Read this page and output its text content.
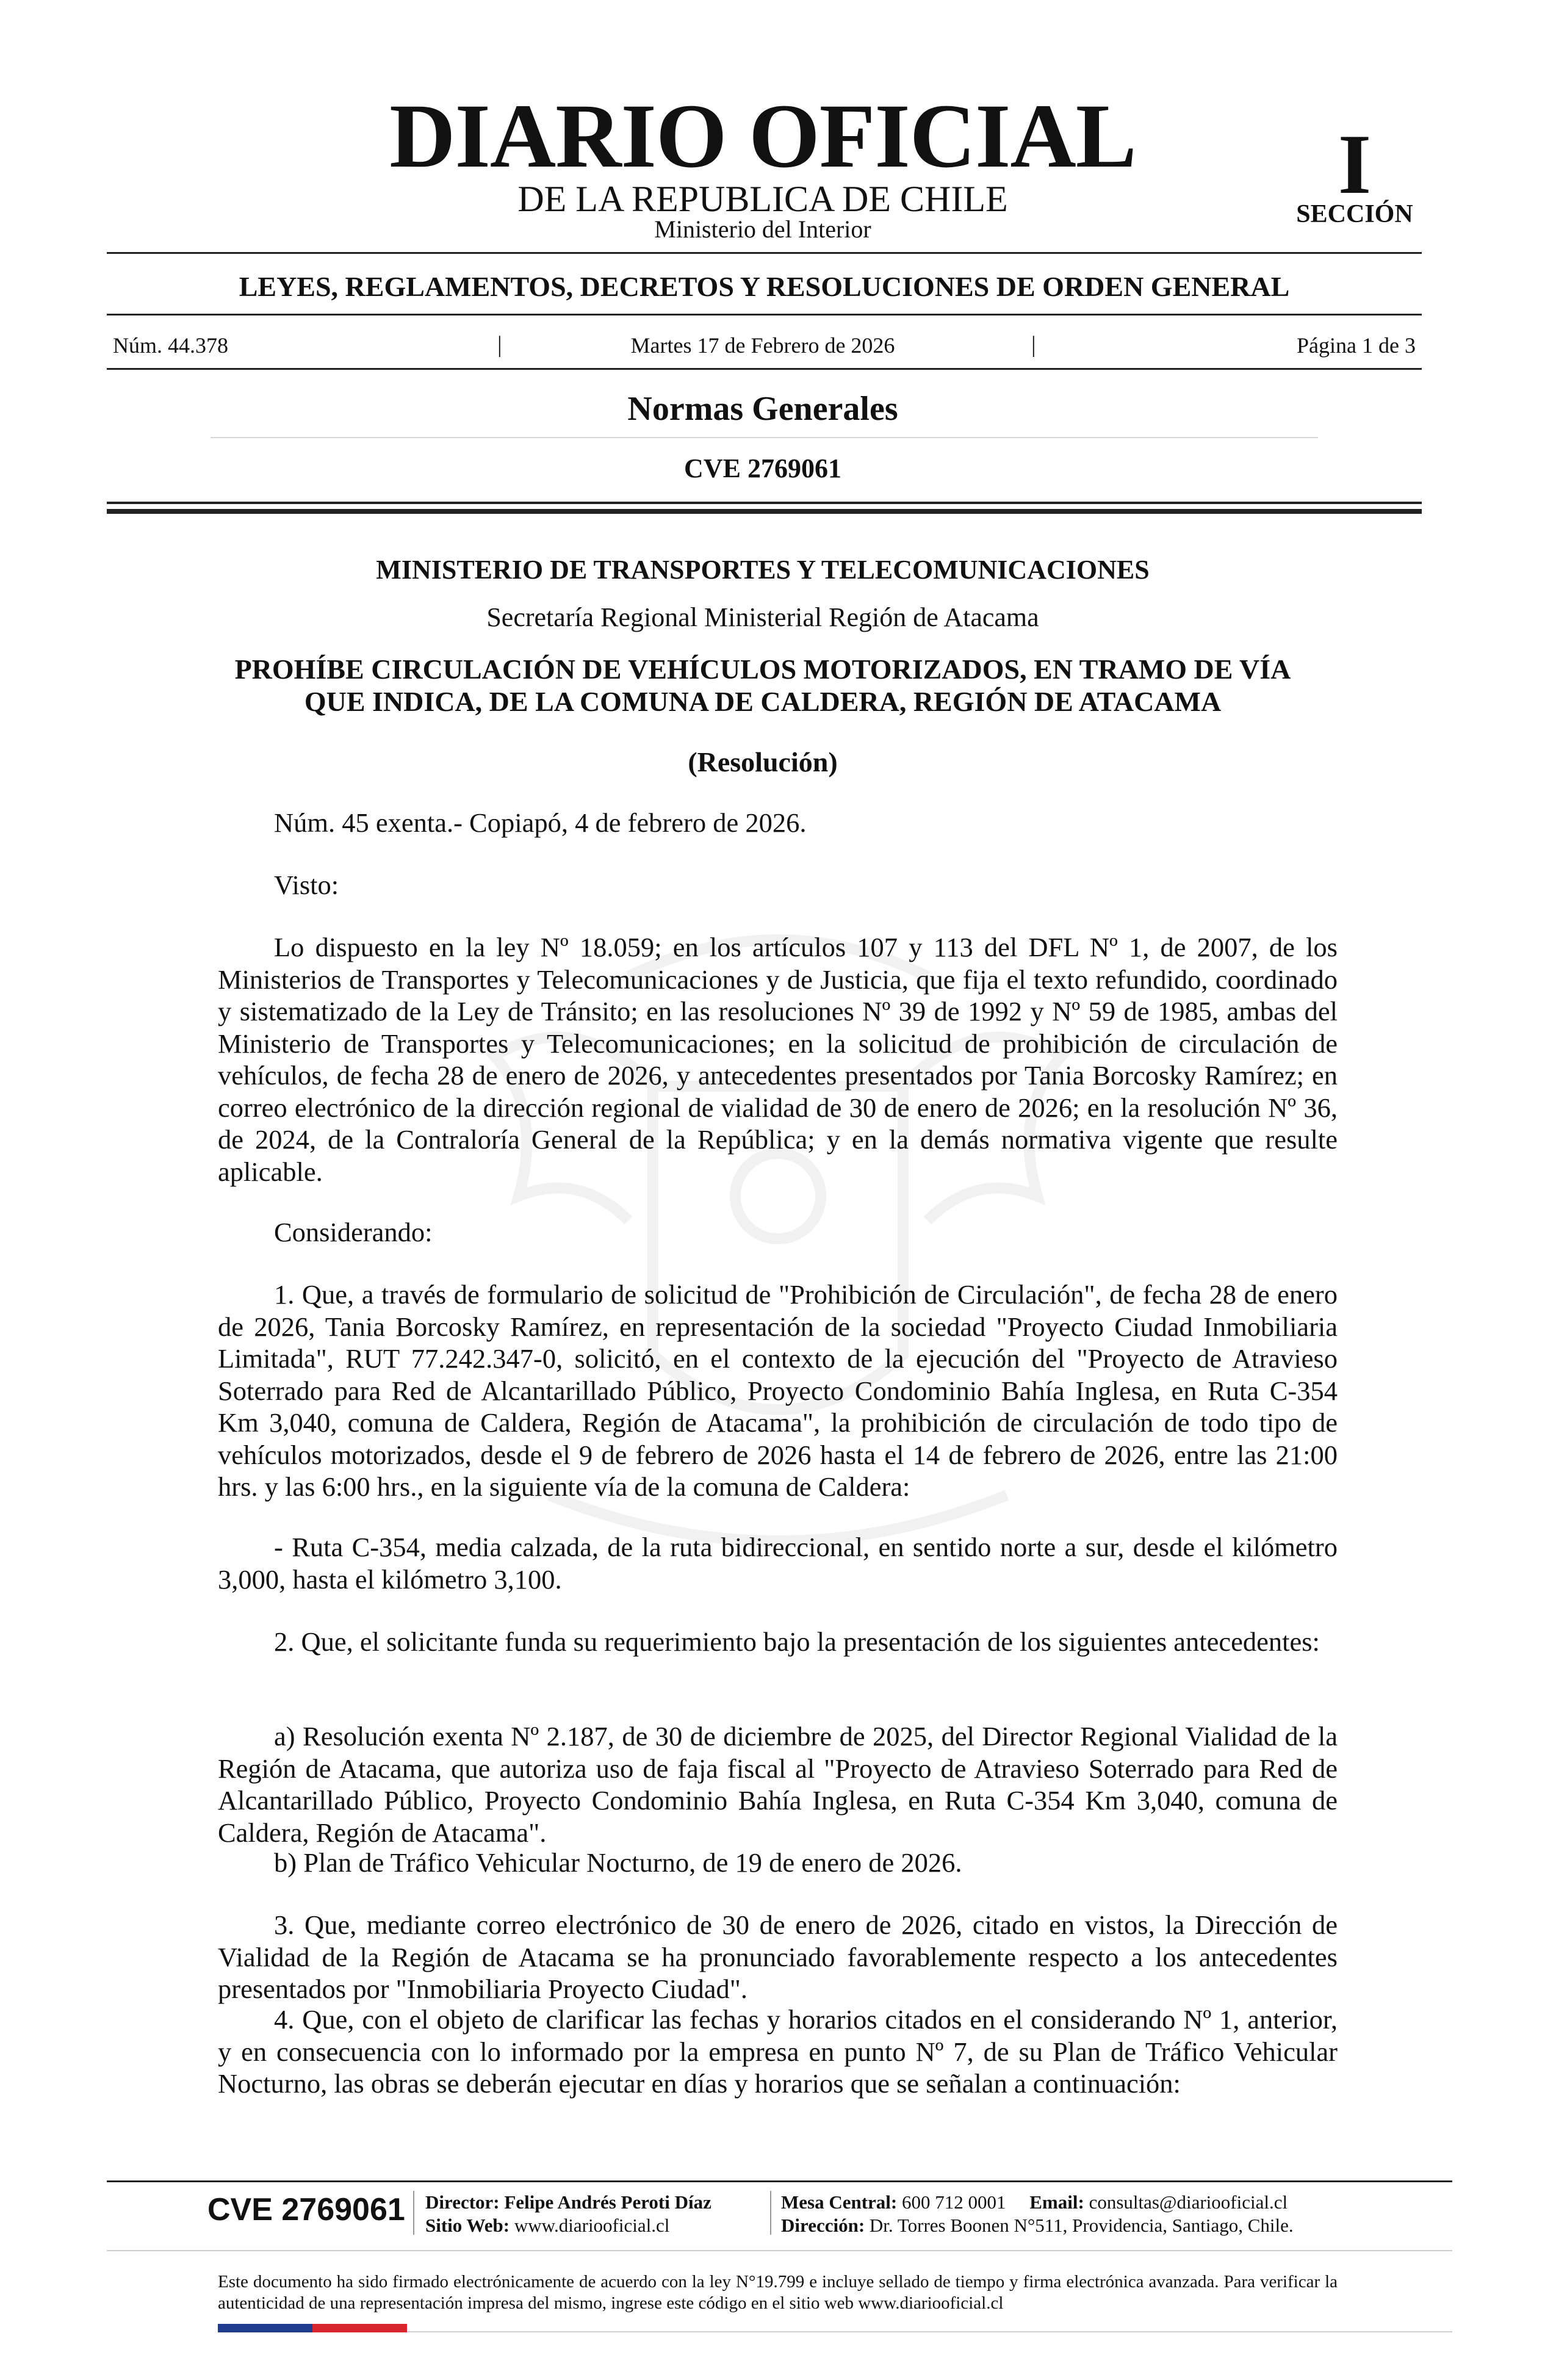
DIARIO OFICIAL
DE LA REPUBLICA DE CHILE
Ministerio del Interior
I
SECCIÓN
LEYES, REGLAMENTOS, DECRETOS Y RESOLUCIONES DE ORDEN GENERAL
Núm. 44.378	|	Martes 17 de Febrero de 2026	|	Página 1 de 3
Normas Generales
CVE 2769061
MINISTERIO DE TRANSPORTES Y TELECOMUNICACIONES
Secretaría Regional Ministerial Región de Atacama
PROHÍBE CIRCULACIÓN DE VEHÍCULOS MOTORIZADOS, EN TRAMO DE VÍA
QUE INDICA, DE LA COMUNA DE CALDERA, REGIÓN DE ATACAMA
(Resolución)
Núm. 45 exenta.- Copiapó, 4 de febrero de 2026.
Visto:
Lo dispuesto en la ley Nº 18.059; en los artículos 107 y 113 del DFL Nº 1, de 2007, de los Ministerios de Transportes y Telecomunicaciones y de Justicia, que fija el texto refundido, coordinado y sistematizado de la Ley de Tránsito; en las resoluciones Nº 39 de 1992 y Nº 59 de 1985, ambas del Ministerio de Transportes y Telecomunicaciones; en la solicitud de prohibición de circulación de vehículos, de fecha 28 de enero de 2026, y antecedentes presentados por Tania Borcosky Ramírez; en correo electrónico de la dirección regional de vialidad de 30 de enero de 2026; en la resolución Nº 36, de 2024, de la Contraloría General de la República; y en la demás normativa vigente que resulte aplicable.
Considerando:
1. Que, a través de formulario de solicitud de "Prohibición de Circulación", de fecha 28 de enero de 2026, Tania Borcosky Ramírez, en representación de la sociedad "Proyecto Ciudad Inmobiliaria Limitada", RUT 77.242.347-0, solicitó, en el contexto de la ejecución del "Proyecto de Atravieso Soterrado para Red de Alcantarillado Público, Proyecto Condominio Bahía Inglesa, en Ruta C-354 Km 3,040, comuna de Caldera, Región de Atacama", la prohibición de circulación de todo tipo de vehículos motorizados, desde el 9 de febrero de 2026 hasta el 14 de febrero de 2026, entre las 21:00 hrs. y las 6:00 hrs., en la siguiente vía de la comuna de Caldera:
- Ruta C-354, media calzada, de la ruta bidireccional, en sentido norte a sur, desde el kilómetro 3,000, hasta el kilómetro 3,100.
2. Que, el solicitante funda su requerimiento bajo la presentación de los siguientes antecedentes:
a) Resolución exenta Nº 2.187, de 30 de diciembre de 2025, del Director Regional Vialidad de la Región de Atacama, que autoriza uso de faja fiscal al "Proyecto de Atravieso Soterrado para Red de Alcantarillado Público, Proyecto Condominio Bahía Inglesa, en Ruta C-354 Km 3,040, comuna de Caldera, Región de Atacama".
b) Plan de Tráfico Vehicular Nocturno, de 19 de enero de 2026.
3. Que, mediante correo electrónico de 30 de enero de 2026, citado en vistos, la Dirección de Vialidad de la Región de Atacama se ha pronunciado favorablemente respecto a los antecedentes presentados por "Inmobiliaria Proyecto Ciudad".
4. Que, con el objeto de clarificar las fechas y horarios citados en el considerando Nº 1, anterior, y en consecuencia con lo informado por la empresa en punto Nº 7, de su Plan de Tráfico Vehicular Nocturno, las obras se deberán ejecutar en días y horarios que se señalan a continuación:
CVE 2769061 Director: Felipe Andrés Peroti Díaz
Sitio Web: www.diariooficial.cl
Mesa Central: 600 712 0001 Email: consultas@diariooficial.cl
Dirección: Dr. Torres Boonen N°511, Providencia, Santiago, Chile.
Este documento ha sido firmado electrónicamente de acuerdo con la ley N°19.799 e incluye sellado de tiempo y firma electrónica avanzada. Para verificar la autenticidad de una representación impresa del mismo, ingrese este código en el sitio web www.diariooficial.cl
